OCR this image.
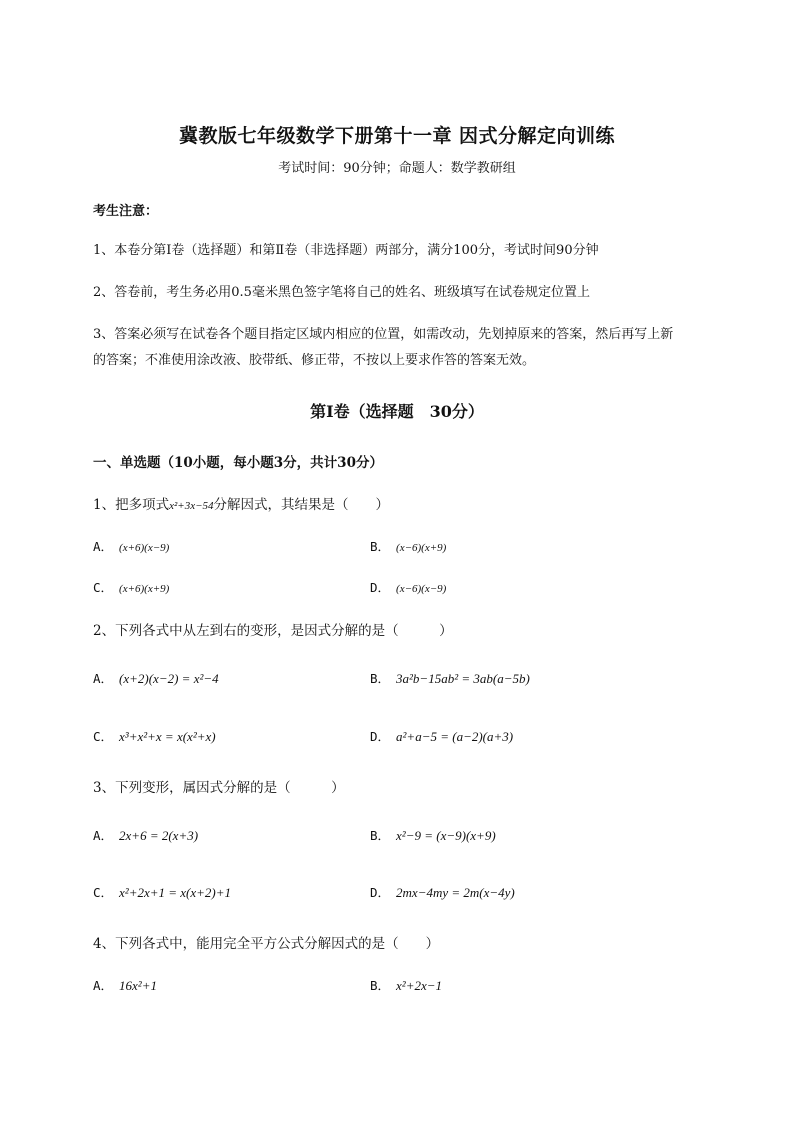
冀教版七年级数学下册第十一章 因式分解定向训练
考试时间：90分钟；命题人：数学教研组
考生注意：
1、本卷分第Ⅰ卷（选择题）和第Ⅱ卷（非选择题）两部分，满分100分，考试时间90分钟
2、答卷前，考生务必用0.5毫米黑色签字笔将自己的姓名、班级填写在试卷规定位置上
3、答案必须写在试卷各个题目指定区域内相应的位置，如需改动，先划掉原来的答案，然后再写上新
的答案；不准使用涂改液、胶带纸、修正带，不按以上要求作答的答案无效。
第Ⅰ卷（选择题　30分）
一、单选题（10小题，每小题3分，共计30分）
1、把多项式x²+3x−54分解因式，其结果是（　　）
A． (x+6)(x−9)	B． (x−6)(x+9)
C． (x+6)(x+9)	D． (x−6)(x−9)
2、下列各式中从左到右的变形，是因式分解的是（　　　）
A． (x+2)(x−2) = x²−4	B． 3a²b−15ab² = 3ab(a−5b)
C． x³+x²+x = x(x²+x)	D． a²+a−5 = (a−2)(a+3)
3、下列变形，属因式分解的是（　　　）
A． 2x+6 = 2(x+3)	B． x²−9 = (x−9)(x+9)
C． x²+2x+1 = x(x+2)+1	D． 2mx−4my = 2m(x−4y)
4、下列各式中，能用完全平方公式分解因式的是（　　）
A． 16x²+1	B． x²+2x−1
